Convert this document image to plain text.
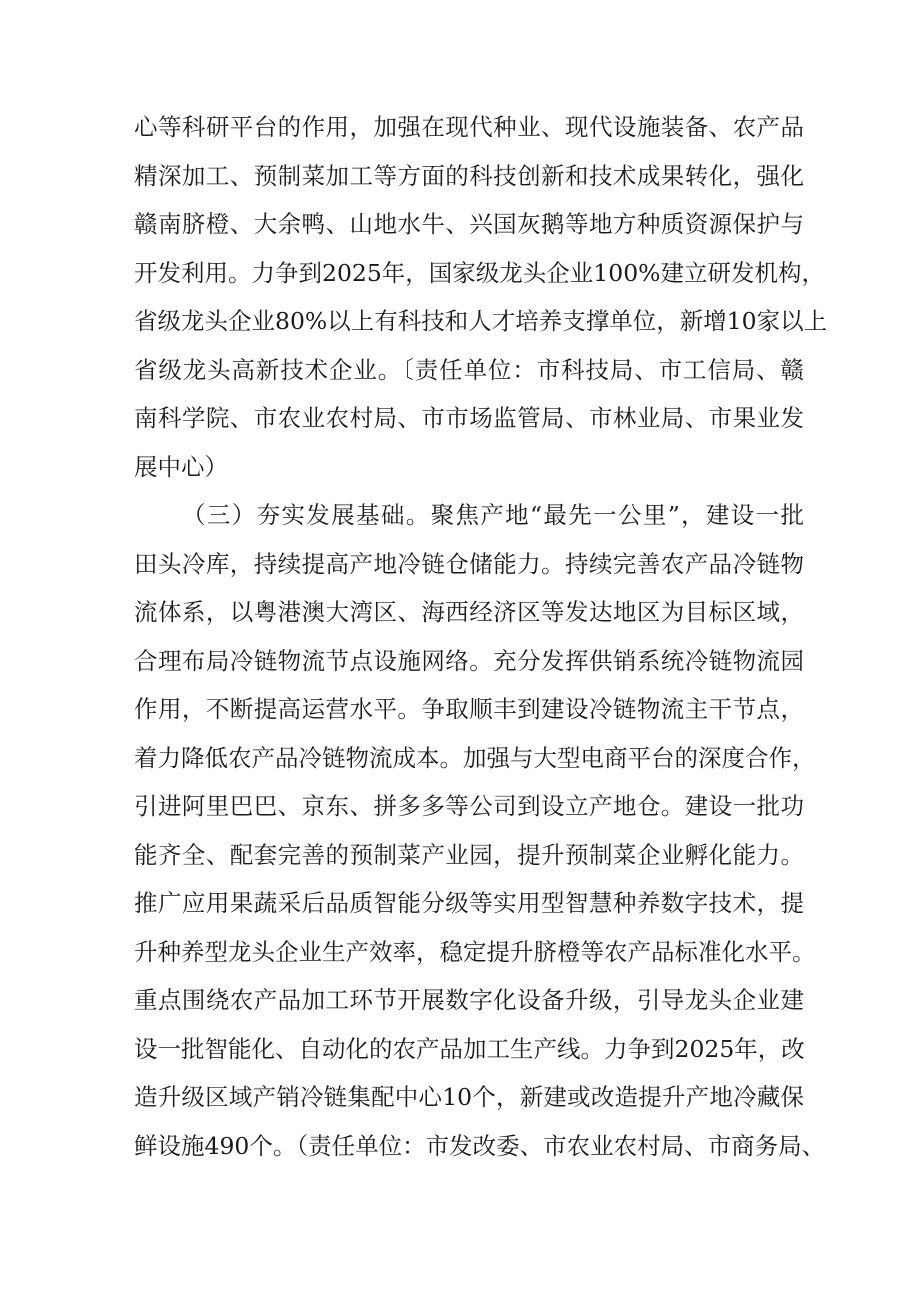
心等科研平台的作用，加强在现代种业、现代设施装备、农产品
精深加工、预制菜加工等方面的科技创新和技术成果转化，强化
赣南脐橙、大余鸭、山地水牛、兴国灰鹅等地方种质资源保护与
开发利用。力争到2025年，国家级龙头企业100%建立研发机构，
省级龙头企业80%以上有科技和人才培养支撑单位，新增10家以上
省级龙头高新技术企业。〔责任单位：市科技局、市工信局、赣
南科学院、市农业农村局、市市场监管局、市林业局、市果业发
展中心）
（三）夯实发展基础。聚焦产地“最先一公里”，建设一批
田头冷库，持续提高产地冷链仓储能力。持续完善农产品冷链物
流体系，以粤港澳大湾区、海西经济区等发达地区为目标区域，
合理布局冷链物流节点设施网络。充分发挥供销系统冷链物流园
作用，不断提高运营水平。争取顺丰到建设冷链物流主干节点，
着力降低农产品冷链物流成本。加强与大型电商平台的深度合作，
引进阿里巴巴、京东、拼多多等公司到设立产地仓。建设一批功
能齐全、配套完善的预制菜产业园，提升预制菜企业孵化能力。
推广应用果蔬采后品质智能分级等实用型智慧种养数字技术，提
升种养型龙头企业生产效率，稳定提升脐橙等农产品标准化水平。
重点围绕农产品加工环节开展数字化设备升级，引导龙头企业建
设一批智能化、自动化的农产品加工生产线。力争到2025年，改
造升级区域产销冷链集配中心10个，新建或改造提升产地冷藏保
鲜设施490个。（责任单位：市发改委、市农业农村局、市商务局、
